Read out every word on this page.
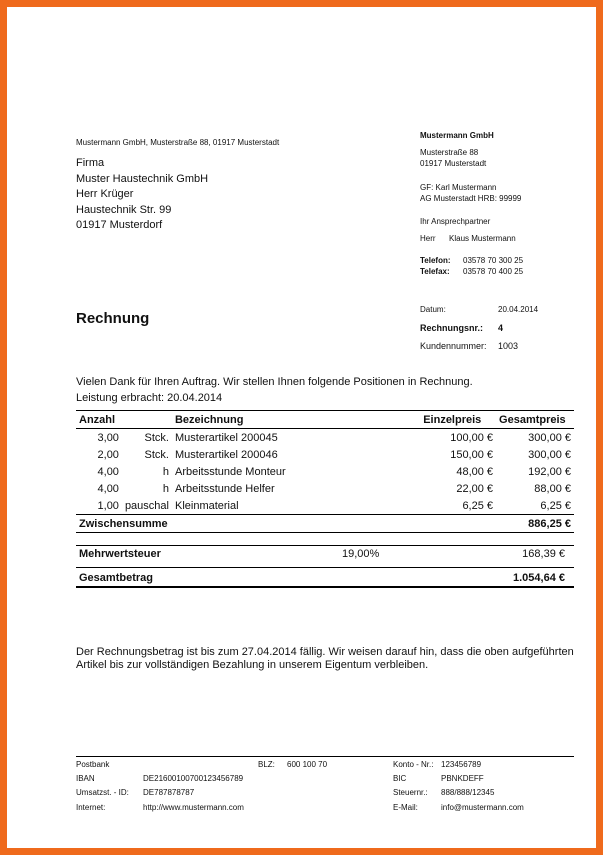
Mustermann GmbH, Musterstraße 88, 01917 Musterstadt
Firma
Muster Haustechnik GmbH
Herr Krüger
Haustechnik Str. 99
01917 Musterdorf
Mustermann GmbH
Musterstraße 88
01917 Musterstadt
GF: Karl Mustermann
AG Musterstadt HRB: 99999
Ihr Ansprechpartner
Herr Klaus Mustermann
Telefon: 03578 70 300 25
Telefax: 03578 70 400 25
Rechnung
Datum:	20.04.2014
Rechnungsnr.: 4
Kundennummer: 1003
Vielen Dank für Ihren Auftrag. Wir stellen Ihnen folgende Positionen in Rechnung.
Leistung erbracht: 20.04.2014
Anzahl		Bezeichnung	Einzelpreis	Gesamtpreis
3,00	Stck.	Musterartikel 200045	100,00 €	300,00 €
2,00	Stck.	Musterartikel 200046	150,00 €	300,00 €
4,00	h	Arbeitsstunde Monteur	48,00 €	192,00 €
4,00	h	Arbeitsstunde Helfer	22,00 €	88,00 €
1,00	pauschal	Kleinmaterial	6,25 €	6,25 €
Zwischensumme				886,25 €
Mehrwertsteuer	19,00%	168,39 €
Gesamtbetrag	1.054,64 €
Der Rechnungsbetrag ist bis zum 27.04.2014 fällig. Wir weisen darauf hin, dass die oben aufgeführten Artikel bis zur vollständigen Bezahlung in unserem Eigentum verbleiben.
Postbank	BLZ: 600 100 70	Konto - Nr.: 123456789
IBAN	DE21600100700123456789	BIC	PBNKDEFF
Umsatzst. - ID: DE787878787	Steuernr.: 888/888/12345
Internet:	http://www.mustermann.com	E-Mail:	info@mustermann.com
